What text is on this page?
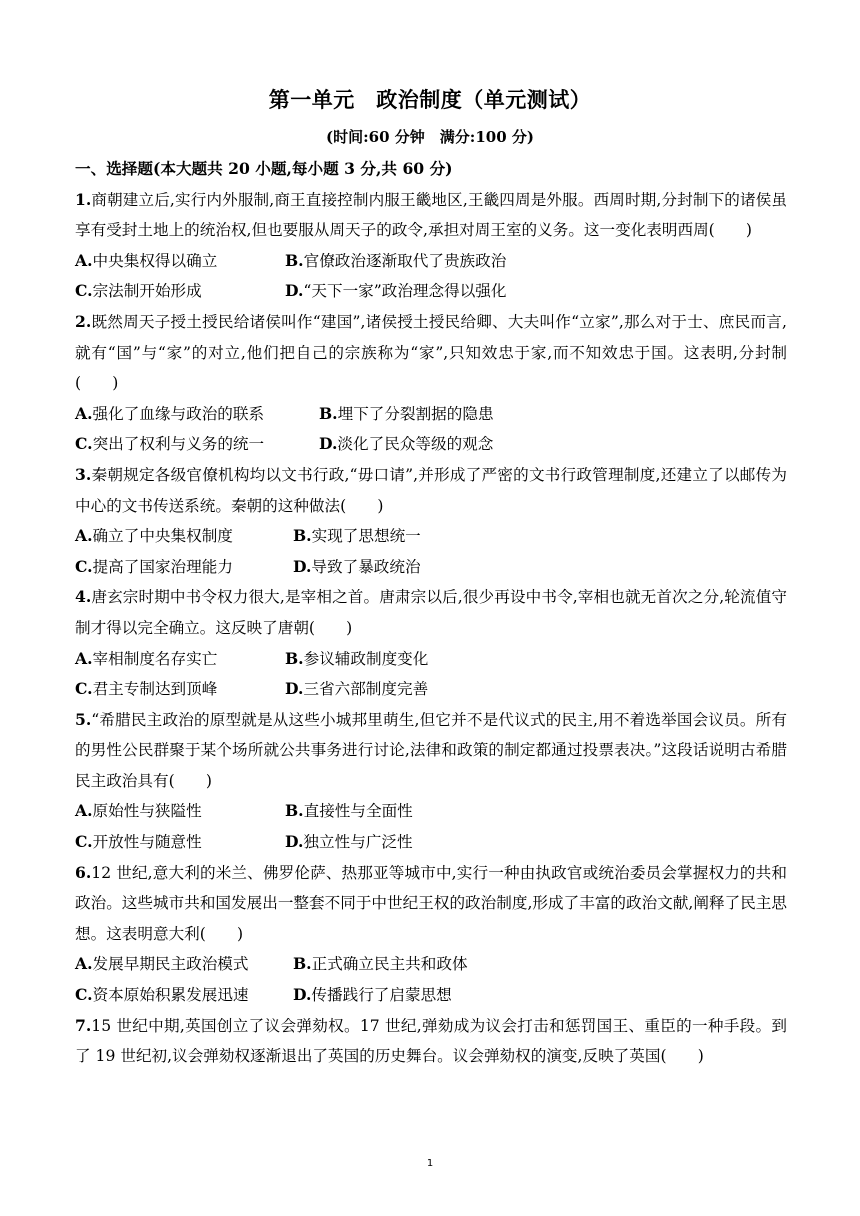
第一单元　政治制度（单元测试）
(时间:60 分钟　满分:100 分)
一、选择题(本大题共 20 小题,每小题 3 分,共 60 分)
1.商朝建立后,实行内外服制,商王直接控制内服王畿地区,王畿四周是外服。西周时期,分封制下的诸侯虽享有受封土地上的统治权,但也要服从周天子的政令,承担对周王室的义务。这一变化表明西周(　　)
A.中央集权得以确立	B.官僚政治逐渐取代了贵族政治
C.宗法制开始形成	D.“天下一家”政治理念得以强化
2.既然周天子授土授民给诸侯叫作“建国”,诸侯授土授民给卿、大夫叫作“立家”,那么对于士、庶民而言,就有“国”与“家”的对立,他们把自己的宗族称为“家”,只知效忠于家,而不知效忠于国。这表明,分封制(　　)
A.强化了血缘与政治的联系	B.埋下了分裂割据的隐患
C.突出了权利与义务的统一	D.淡化了民众等级的观念
3.秦朝规定各级官僚机构均以文书行政,“毋口请”,并形成了严密的文书行政管理制度,还建立了以邮传为中心的文书传送系统。秦朝的这种做法(　　)
A.确立了中央集权制度	B.实现了思想统一
C.提高了国家治理能力	D.导致了暴政统治
4.唐玄宗时期中书令权力很大,是宰相之首。唐肃宗以后,很少再设中书令,宰相也就无首次之分,轮流值守制才得以完全确立。这反映了唐朝(　　)
A.宰相制度名存实亡	B.参议辅政制度变化
C.君主专制达到顶峰	D.三省六部制度完善
5.“希腊民主政治的原型就是从这些小城邦里萌生,但它并不是代议式的民主,用不着选举国会议员。所有的男性公民群聚于某个场所就公共事务进行讨论,法律和政策的制定都通过投票表决。”这段话说明古希腊民主政治具有(　　)
A.原始性与狭隘性	B.直接性与全面性
C.开放性与随意性	D.独立性与广泛性
6.12 世纪,意大利的米兰、佛罗伦萨、热那亚等城市中,实行一种由执政官或统治委员会掌握权力的共和政治。这些城市共和国发展出一整套不同于中世纪王权的政治制度,形成了丰富的政治文献,阐释了民主思想。这表明意大利(　　)
A.发展早期民主政治模式	B.正式确立民主共和政体
C.资本原始积累发展迅速	D.传播践行了启蒙思想
7.15 世纪中期,英国创立了议会弹劾权。17 世纪,弹劾成为议会打击和惩罚国王、重臣的一种手段。到了 19 世纪初,议会弹劾权逐渐退出了英国的历史舞台。议会弹劾权的演变,反映了英国(　　)
1
